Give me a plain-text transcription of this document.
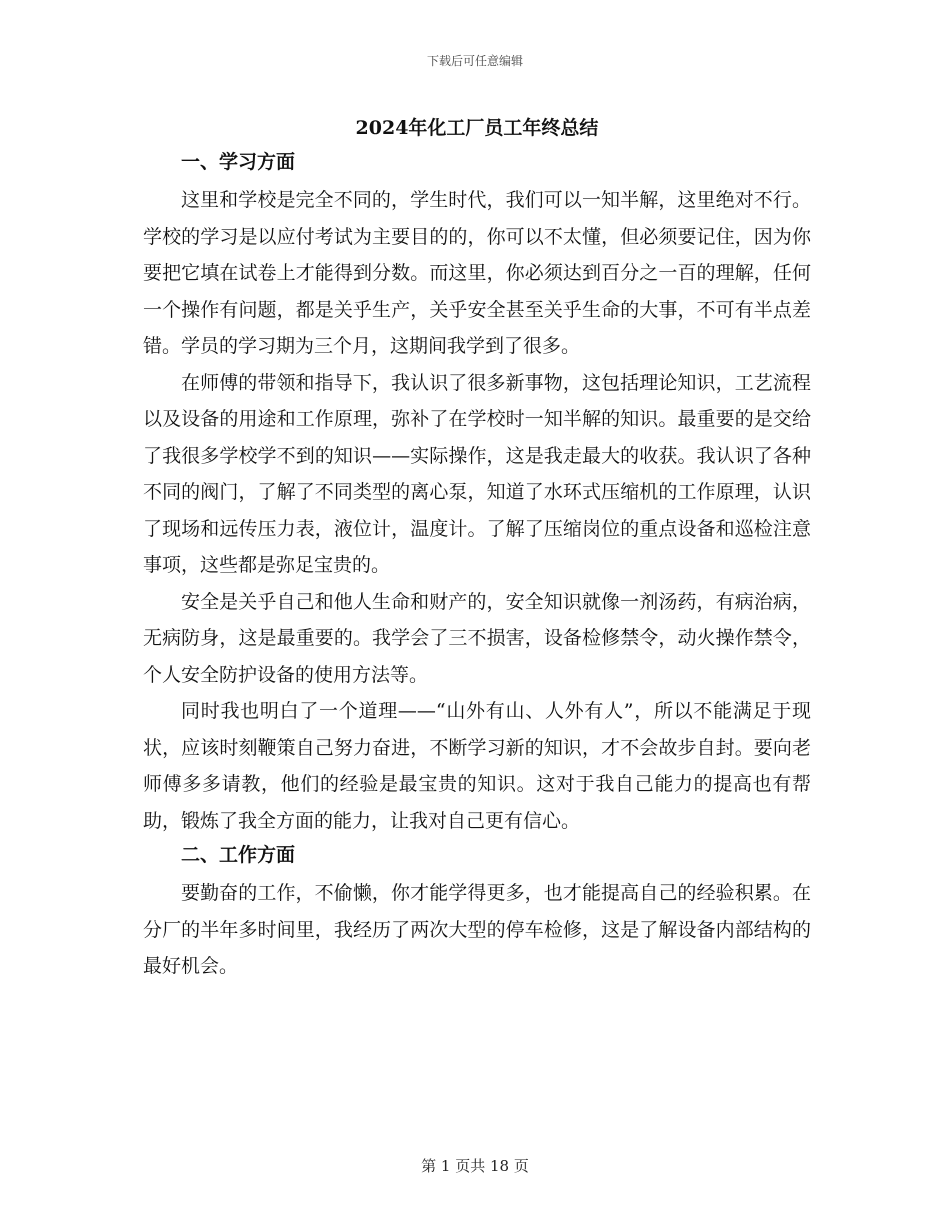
下载后可任意编辑
2024年化工厂员工年终总结
一、学习方面

这里和学校是完全不同的，学生时代，我们可以一知半解，这里绝对不行。学校的学习是以应付考试为主要目的的，你可以不太懂，但必须要记住，因为你要把它填在试卷上才能得到分数。而这里，你必须达到百分之一百的理解，任何一个操作有问题，都是关乎生产，关乎安全甚至关乎生命的大事，不可有半点差错。学员的学习期为三个月，这期间我学到了很多。

在师傅的带领和指导下，我认识了很多新事物，这包括理论知识，工艺流程以及设备的用途和工作原理，弥补了在学校时一知半解的知识。最重要的是交给了我很多学校学不到的知识——实际操作，这是我走最大的收获。我认识了各种不同的阀门，了解了不同类型的离心泵，知道了水环式压缩机的工作原理，认识了现场和远传压力表，液位计，温度计。了解了压缩岗位的重点设备和巡检注意事项，这些都是弥足宝贵的。

安全是关乎自己和他人生命和财产的，安全知识就像一剂汤药，有病治病，无病防身，这是最重要的。我学会了三不损害，设备检修禁令，动火操作禁令，个人安全防护设备的使用方法等。

同时我也明白了一个道理——“山外有山、人外有人”，所以不能满足于现状，应该时刻鞭策自己努力奋进，不断学习新的知识，才不会故步自封。要向老师傅多多请教，他们的经验是最宝贵的知识。这对于我自己能力的提高也有帮助，锻炼了我全方面的能力，让我对自己更有信心。

二、工作方面

要勤奋的工作，不偷懒，你才能学得更多，也才能提高自己的经验积累。在分厂的半年多时间里，我经历了两次大型的停车检修，这是了解设备内部结构的最好机会。

第 1 页共 18 页
